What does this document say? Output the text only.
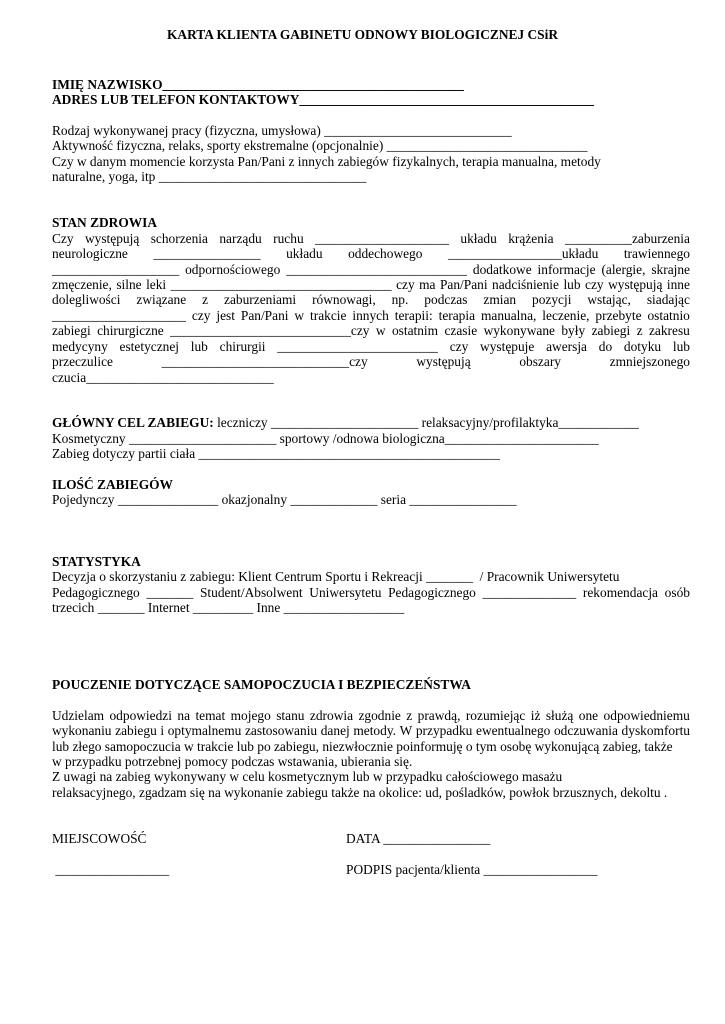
KARTA KLIENTA GABINETU ODNOWY BIOLOGICZNEJ CSiR
IMIĘ NAZWISKO_____________________________________________
ADRES LUB TELEFON KONTAKTOWY____________________________________________
Rodzaj wykonywanej pracy (fizyczna, umysłowa) ____________________________
Aktywność fizyczna, relaks, sporty ekstremalne (opcjonalnie) ______________________________
Czy w danym momencie korzysta Pan/Pani z innych zabiegów fizykalnych, terapia manualna, metody
naturalne, yoga, itp _______________________________
STAN ZDROWIA
Czy występują schorzenia narządu ruchu ____________________ układu krążenia __________zaburzenia
neurologiczne ________________ układu oddechowego _________________układu trawiennego
___________________ odpornościowego ___________________________ dodatkowe informacje (alergie, skrajne
zmęczenie, silne leki _________________________________ czy ma Pan/Pani nadciśnienie lub czy występują inne
dolegliwości związane z zaburzeniami równowagi, np. podczas zmian pozycji wstając, siadając
____________________ czy jest Pan/Pani w trakcie innych terapii: terapia manualna, leczenie, przebyte ostatnio
zabiegi chirurgiczne ___________________________czy w ostatnim czasie wykonywane były zabiegi z zakresu
medycyny estetycznej lub chirurgii ________________________ czy występuje awersja do dotyku lub
przeczulice	____________________________czy	występują	obszary	zmniejszonego
czucia____________________________
GŁÓWNY CEL ZABIEGU: leczniczy ______________________ relaksacyjny/profilaktyka____________
Kosmetyczny ______________________ sportowy /odnowa biologiczna_______________________
Zabieg dotyczy partii ciała _____________________________________________
ILOŚĆ ZABIEGÓW
Pojedynczy _______________ okazjonalny _____________ seria ________________
STATYSTYKA
Decyzja o skorzystaniu z zabiegu: Klient Centrum Sportu i Rekreacji _______  / Pracownik Uniwersytetu
Pedagogicznego _______ Student/Absolwent Uniwersytetu Pedagogicznego ______________ rekomendacja osób
trzecich _______ Internet _________ Inne __________________
POUCZENIE DOTYCZĄCE SAMOPOCZUCIA I BEZPIECZEŃSTWA
Udzielam odpowiedzi na temat mojego stanu zdrowia zgodnie z prawdą, rozumiejąc iż służą one odpowiedniemu
wykonaniu zabiegu i optymalnemu zastosowaniu danej metody. W przypadku ewentualnego odczuwania dyskomfortu
lub złego samopoczucia w trakcie lub po zabiegu, niezwłocznie poinformuję o tym osobę wykonującą zabieg, także
w przypadku potrzebnej pomocy podczas wstawania, ubierania się.
Z uwagi na zabieg wykonywany w celu kosmetycznym lub w przypadku całościowego masażu
relaksacyjnego, zgadzam się na wykonanie zabiegu także na okolice: ud, pośladków, powłok brzusznych, dekoltu .
MIEJSCOWOŚĆ	DATA ________________
_________________	PODPIS pacjenta/klienta _________________
